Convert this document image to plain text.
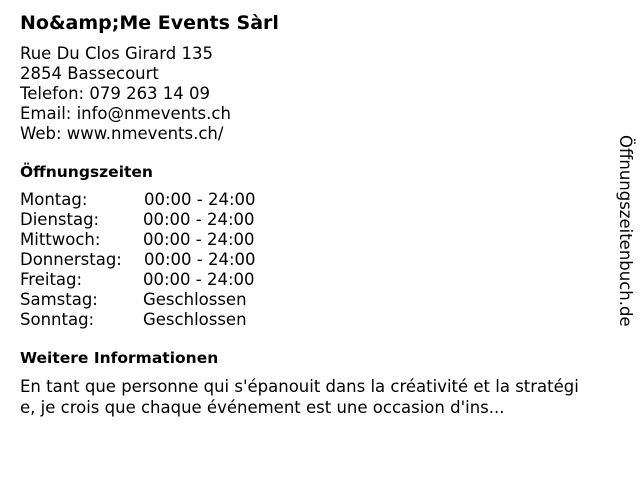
No&amp;Me Events Sàrl
Rue Du Clos Girard 135
2854 Bassecourt
Telefon: 079 263 14 09
Email: info@nmevents.ch
Web: www.nmevents.ch/
Öffnungszeiten
Montag:	00:00 - 24:00
Dienstag:	00:00 - 24:00
Mittwoch:	00:00 - 24:00
Donnerstag: 00:00 - 24:00
Freitag:	00:00 - 24:00
Samstag:	Geschlossen
Sonntag:	Geschlossen
Weitere Informationen
En tant que personne qui s'épanouit dans la créativité et la stratégie, je crois que chaque événement est une occasion d'ins...
Öffnungszeitenbuch.de
